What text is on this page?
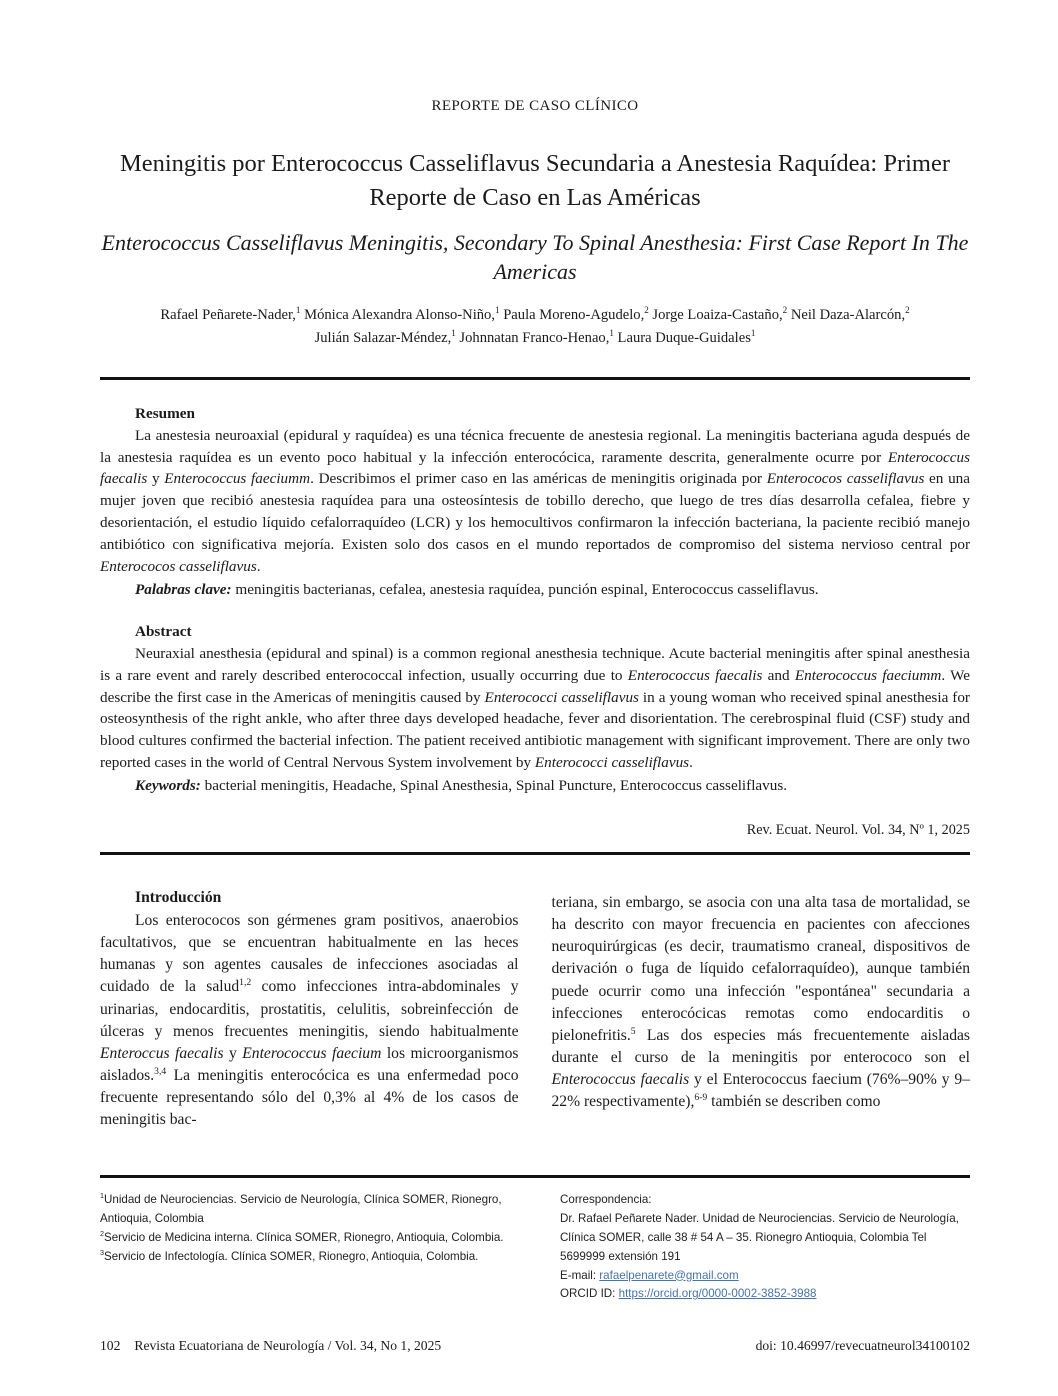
REPORTE DE CASO CLÍNICO
Meningitis por Enterococcus Casseliflavus Secundaria a Anestesia Raquídea: Primer Reporte de Caso en Las Américas
Enterococcus Casseliflavus Meningitis, Secondary To Spinal Anesthesia: First Case Report In The Americas
Rafael Peñarete-Nader,$^1$ Mónica Alexandra Alonso-Niño,$^1$ Paula Moreno-Agudelo,$^2$ Jorge Loaiza-Castaño,$^2$ Neil Daza-Alarcón,$^2$
Julián Salazar-Méndez,$^1$ Johnnatan Franco-Henao,$^1$ Laura Duque-Guidales$^1$
Resumen

La anestesia neuroaxial (epidural y raquídea) es una técnica frecuente de anestesia regional. La meningitis bacteriana aguda después de la anestesia raquídea es un evento poco habitual y la infección enterocócica, raramente descrita, generalmente ocurre por Enterococcus faecalis y Enterococcus faeciumm. Describimos el primer caso en las américas de meningitis originada por Enterococos casseliflavus en una mujer joven que recibió anestesia raquídea para una osteosíntesis de tobillo derecho, que luego de tres días desarrolla cefalea, fiebre y desorientación, el estudio líquido cefalorraquídeo (LCR) y los hemocultivos confirmaron la infección bacteriana, la paciente recibió manejo antibiótico con significativa mejoría. Existen solo dos casos en el mundo reportados de compromiso del sistema nervioso central por Enterococos casseliflavus.

Palabras clave: meningitis bacterianas, cefalea, anestesia raquídea, punción espinal, Enterococcus casseliflavus.

Abstract

Neuraxial anesthesia (epidural and spinal) is a common regional anesthesia technique. Acute bacterial meningitis after spinal anesthesia is a rare event and rarely described enterococcal infection, usually occurring due to Enterococcus faecalis and Enterococcus faeciumm. We describe the first case in the Americas of meningitis caused by Enterococci casseliflavus in a young woman who received spinal anesthesia for osteosynthesis of the right ankle, who after three days developed headache, fever and disorientation. The cerebrospinal fluid (CSF) study and blood cultures confirmed the bacterial infection. The patient received antibiotic management with significant improvement. There are only two reported cases in the world of Central Nervous System involvement by Enterococci casseliflavus.

Keywords: bacterial meningitis, Headache, Spinal Anesthesia, Spinal Puncture, Enterococcus casseliflavus.

Rev. Ecuat. Neurol. Vol. 34, Nº 1, 2025
Introducción

Los enterococos son gérmenes gram positivos, anaerobios facultativos, que se encuentran habitualmente en las heces humanas y son agentes causales de infecciones asociadas al cuidado de la salud$^{1,2}$ como infecciones intra-abdominales y urinarias, endocarditis, prostatitis, celulitis, sobreinfección de úlceras y menos frecuentes meningitis, siendo habitualmente Enteroccus faecalis y Enterococcus faecium los microorganismos aislados.$^{3,4}$ La meningitis enterocócica es una enfermedad poco frecuente representando sólo del 0,3% al 4% de los casos de meningitis bac-

teriana, sin embargo, se asocia con una alta tasa de mortalidad, se ha descrito con mayor frecuencia en pacientes con afecciones neuroquirúrgicas (es decir, traumatismo craneal, dispositivos de derivación o fuga de líquido cefalorraquídeo), aunque también puede ocurrir como una infección "espontánea" secundaria a infecciones enterocócicas remotas como endocarditis o pielonefritis.$^5$ Las dos especies más frecuentemente aisladas durante el curso de la meningitis por enterococo son el Enterococcus faecalis y el Enterococcus faecium (76%–90% y 9–22% respectivamente),$^{6-9}$ también se describen como

$^1$Unidad de Neurociencias. Servicio de Neurología, Clínica SOMER, Rionegro, Antioquia, Colombia
$^2$Servicio de Medicina interna. Clínica SOMER, Rionegro, Antioquia, Colombia.
$^3$Servicio de Infectología. Clínica SOMER, Rionegro, Antioquia, Colombia.
Correspondencia:
Dr. Rafael Peñarete Nader. Unidad de Neurociencias. Servicio de Neurología, Clínica SOMER, calle 38 # 54 A – 35. Rionegro Antioquia, Colombia Tel 5699999 extensión 191
E-mail: rafaelpenarete@gmail.com
ORCID ID: https://orcid.org/0000-0002-3852-3988
102 Revista Ecuatoriana de Neurología / Vol. 34, No 1, 2025	doi: 10.46997/revecuatneurol34100102
